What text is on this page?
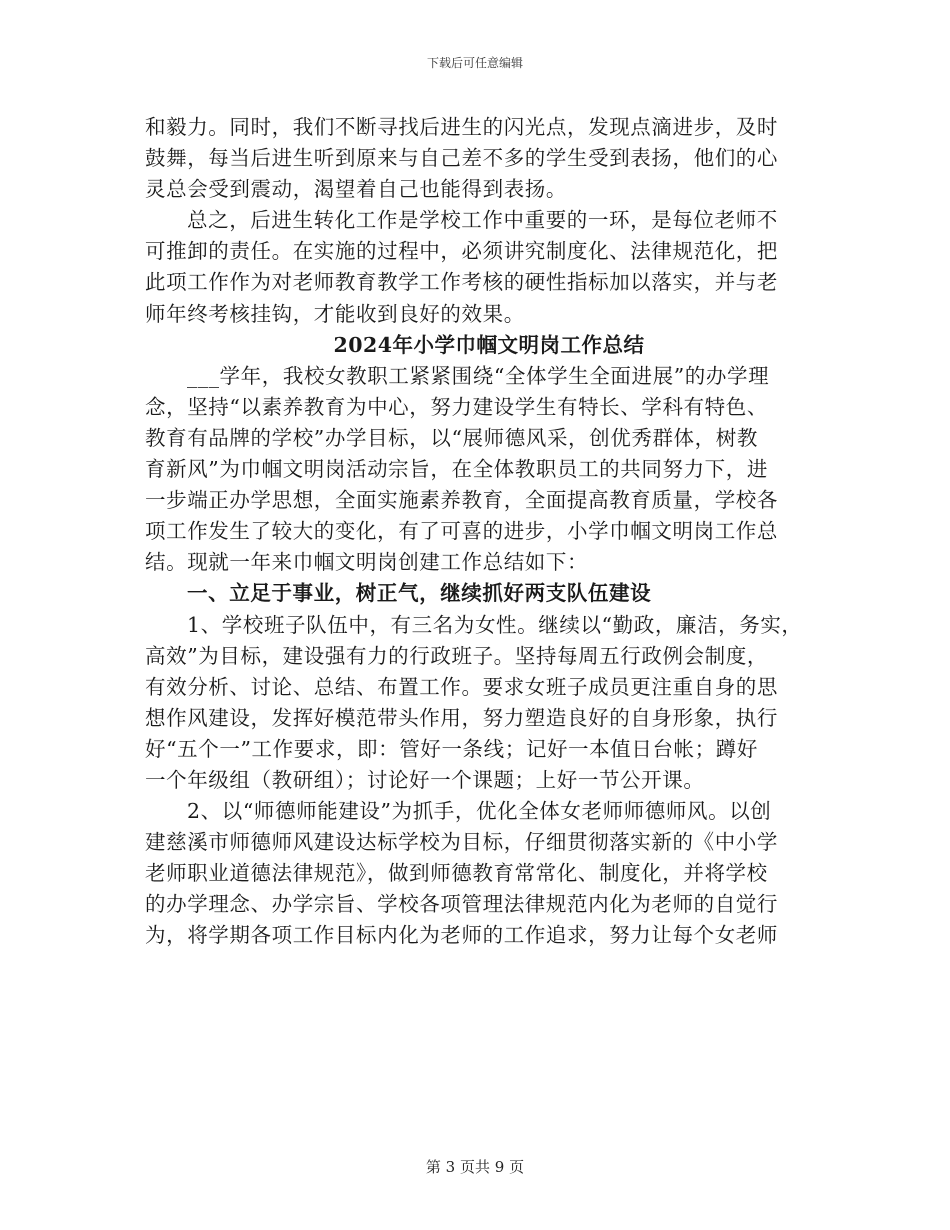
下载后可任意编辑
和毅力。同时，我们不断寻找后进生的闪光点，发现点滴进步，及时
鼓舞，每当后进生听到原来与自己差不多的学生受到表扬，他们的心
灵总会受到震动，渴望着自己也能得到表扬。
总之，后进生转化工作是学校工作中重要的一环，是每位老师不
可推卸的责任。在实施的过程中，必须讲究制度化、法律规范化，把
此项工作作为对老师教育教学工作考核的硬性指标加以落实，并与老
师年终考核挂钩，才能收到良好的效果。
2024年小学巾帼文明岗工作总结
___学年，我校女教职工紧紧围绕“全体学生全面进展”的办学理
念，坚持“以素养教育为中心，努力建设学生有特长、学科有特色、
教育有品牌的学校”办学目标，以“展师德风采，创优秀群体，树教
育新风”为巾帼文明岗活动宗旨，在全体教职员工的共同努力下，进
一步端正办学思想，全面实施素养教育，全面提高教育质量，学校各
项工作发生了较大的变化，有了可喜的进步，小学巾帼文明岗工作总
结。现就一年来巾帼文明岗创建工作总结如下：
一、立足于事业，树正气，继续抓好两支队伍建设
1、学校班子队伍中，有三名为女性。继续以“勤政，廉洁，务实，
高效”为目标，建设强有力的行政班子。坚持每周五行政例会制度，
有效分析、讨论、总结、布置工作。要求女班子成员更注重自身的思
想作风建设，发挥好模范带头作用，努力塑造良好的自身形象，执行
好“五个一”工作要求，即：管好一条线；记好一本值日台帐；蹲好
一个年级组（教研组）；讨论好一个课题；上好一节公开课。
2、以“师德师能建设”为抓手，优化全体女老师师德师风。以创
建慈溪市师德师风建设达标学校为目标，仔细贯彻落实新的《中小学
老师职业道德法律规范》，做到师德教育常常化、制度化，并将学校
的办学理念、办学宗旨、学校各项管理法律规范内化为老师的自觉行
为，将学期各项工作目标内化为老师的工作追求，努力让每个女老师
第 3 页共 9 页
